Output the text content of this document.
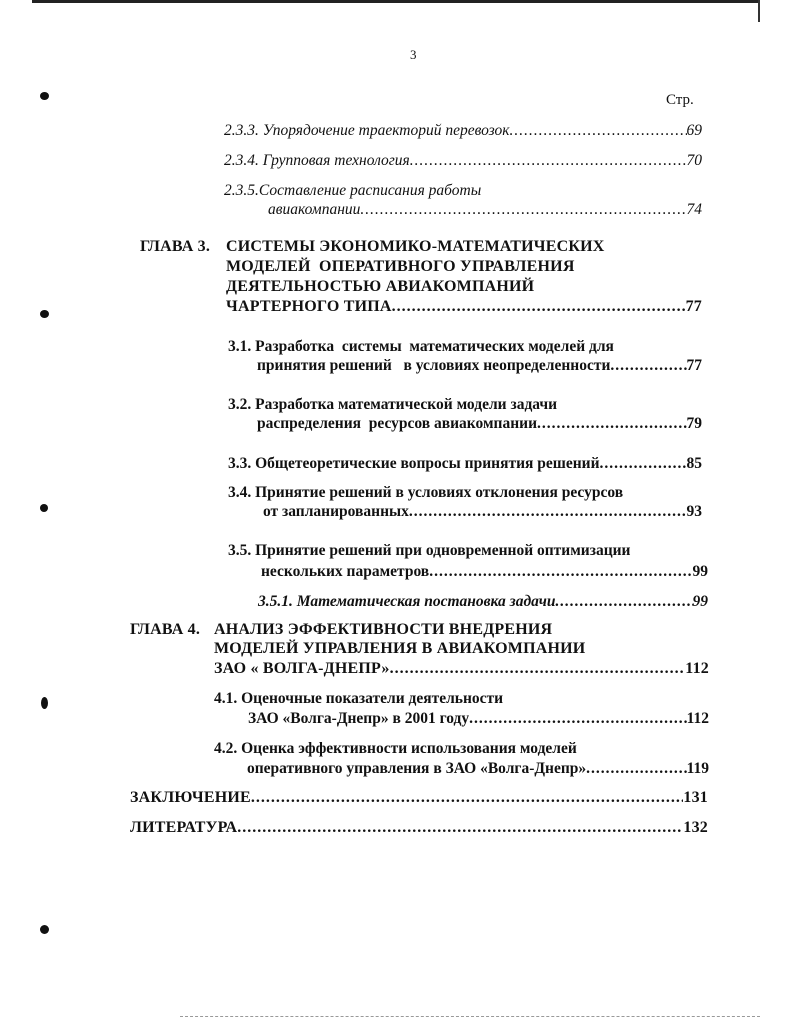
3
Стр.
2.3.3. Упорядочение траекторий перевозок .....	69
2.3.4. Групповая технология .....	70
2.3.5.Составление расписания работы
авиакомпании .....	74
ГЛАВА 3. СИСТЕМЫ ЭКОНОМИКО-МАТЕМАТИЧЕСКИХ
МОДЕЛЕЙ  ОПЕРАТИВНОГО УПРАВЛЕНИЯ
ДЕЯТЕЛЬНОСТЬЮ АВИАКОМПАНИЙ
ЧАРТЕРНОГО ТИПА .....	77
3.1. Разработка  системы  математических моделей для
принятия решений   в условиях неопределенности .....	77
3.2. Разработка математической модели задачи
распределения  ресурсов авиакомпании .....	79
3.3. Общетеоретические вопросы принятия решений .....	85
3.4. Принятие решений в условиях отклонения ресурсов
от запланированных .....	93
3.5. Принятие решений при одновременной оптимизации
нескольких параметров .....	99
3.5.1. Математическая постановка задачи .....	99
ГЛАВА 4. АНАЛИЗ ЭФФЕКТИВНОСТИ ВНЕДРЕНИЯ
МОДЕЛЕЙ УПРАВЛЕНИЯ В АВИАКОМПАНИИ
ЗАО « ВОЛГА-ДНЕПР» .....	112
4.1. Оценочные показатели деятельности
ЗАО «Волга-Днепр» в 2001 году .....	112
4.2. Оценка эффективности использования моделей
оперативного управления в ЗАО «Волга-Днепр» .....	119
ЗАКЛЮЧЕНИЕ .....	131
ЛИТЕРАТУРА .....	132
